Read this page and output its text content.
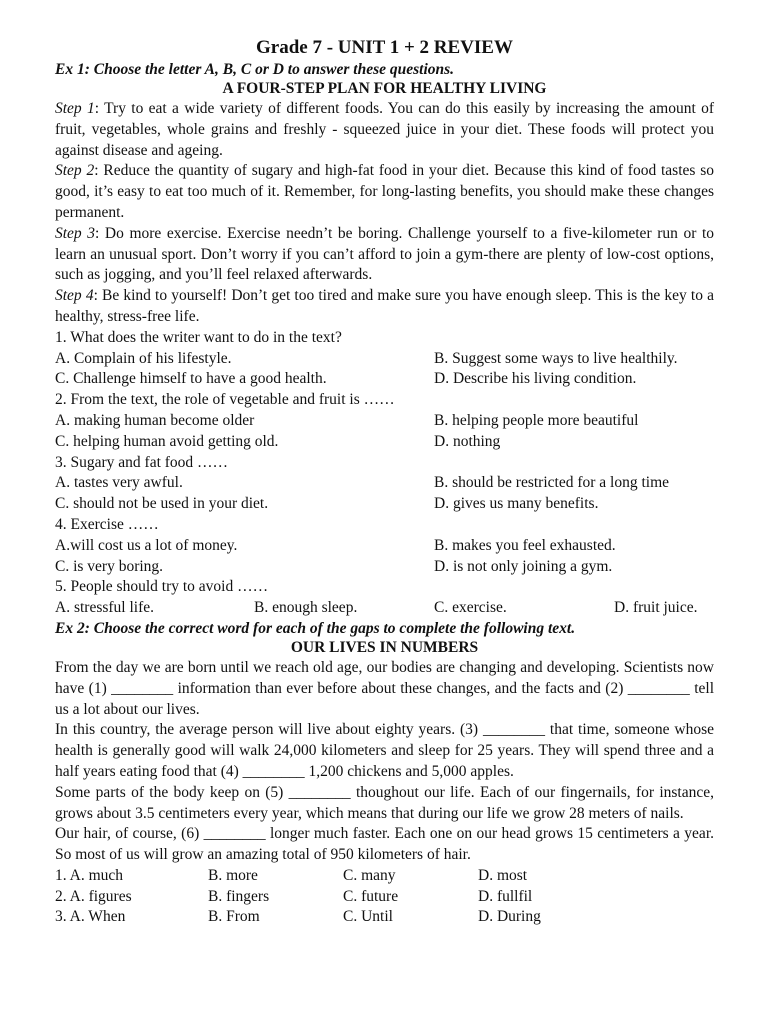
Grade 7 - UNIT 1 + 2 REVIEW
Ex 1: Choose the letter A, B, C or D to answer these questions.
A FOUR-STEP PLAN FOR HEALTHY LIVING

Step 1: Try to eat a wide variety of different foods. You can do this easily by increasing the amount of fruit, vegetables, whole grains and freshly - squeezed juice in your diet. These foods will protect you against disease and ageing.

Step 2: Reduce the quantity of sugary and high-fat food in your diet. Because this kind of food tastes so good, it’s easy to eat too much of it. Remember, for long-lasting benefits, you should make these changes permanent.

Step 3: Do more exercise. Exercise needn’t be boring. Challenge yourself to a five-kilometer run or to learn an unusual sport. Don’t worry if you can’t afford to join a gym-there are plenty of low-cost options, such as jogging, and you’ll feel relaxed afterwards.

Step 4: Be kind to yourself! Don’t get too tired and make sure you have enough sleep. This is the key to a healthy, stress-free life.

1. What does the writer want to do in the text?
A. Complain of his lifestyle.	B. Suggest some ways to live healthily.
C. Challenge himself to have a good health.	D. Describe his living condition.
2. From the text, the role of vegetable and fruit is ……
A. making human become older	B. helping people more beautiful
C. helping human avoid getting old.	D. nothing
3. Sugary and fat food ……
A. tastes very awful.	B. should be restricted for a long time
C. should not be used in your diet.	D. gives us many benefits.
4. Exercise ……
A.will cost us a lot of money.	B. makes you feel exhausted.
C. is very boring.	D. is not only joining a gym.
5. People should try to avoid ……
A. stressful life.	B. enough sleep.	C. exercise.	D. fruit juice.
Ex 2: Choose the correct word for each of the gaps to complete the following text.
OUR LIVES IN NUMBERS

From the day we are born until we reach old age, our bodies are changing and developing. Scientists now have (1) ________ information than ever before about these changes, and the facts and (2) ________ tell us a lot about our lives.

In this country, the average person will live about eighty years. (3) ________ that time, someone whose health is generally good will walk 24,000 kilometers and sleep for 25 years. They will spend three and a half years eating food that (4) ________ 1,200 chickens and 5,000 apples.

Some parts of the body keep on (5) ________ thoughout our life. Each of our fingernails, for instance, grows about 3.5 centimeters every year, which means that during our life we grow 28 meters of nails.

Our hair, of course, (6) ________ longer much faster. Each one on our head grows 15 centimeters a year. So most of us will grow an amazing total of 950 kilometers of hair.

1. A. much	B. more	C. many	D. most
2. A. figures	B. fingers	C. future	D. fullfil
3. A. When	B. From	C. Until	D. During
